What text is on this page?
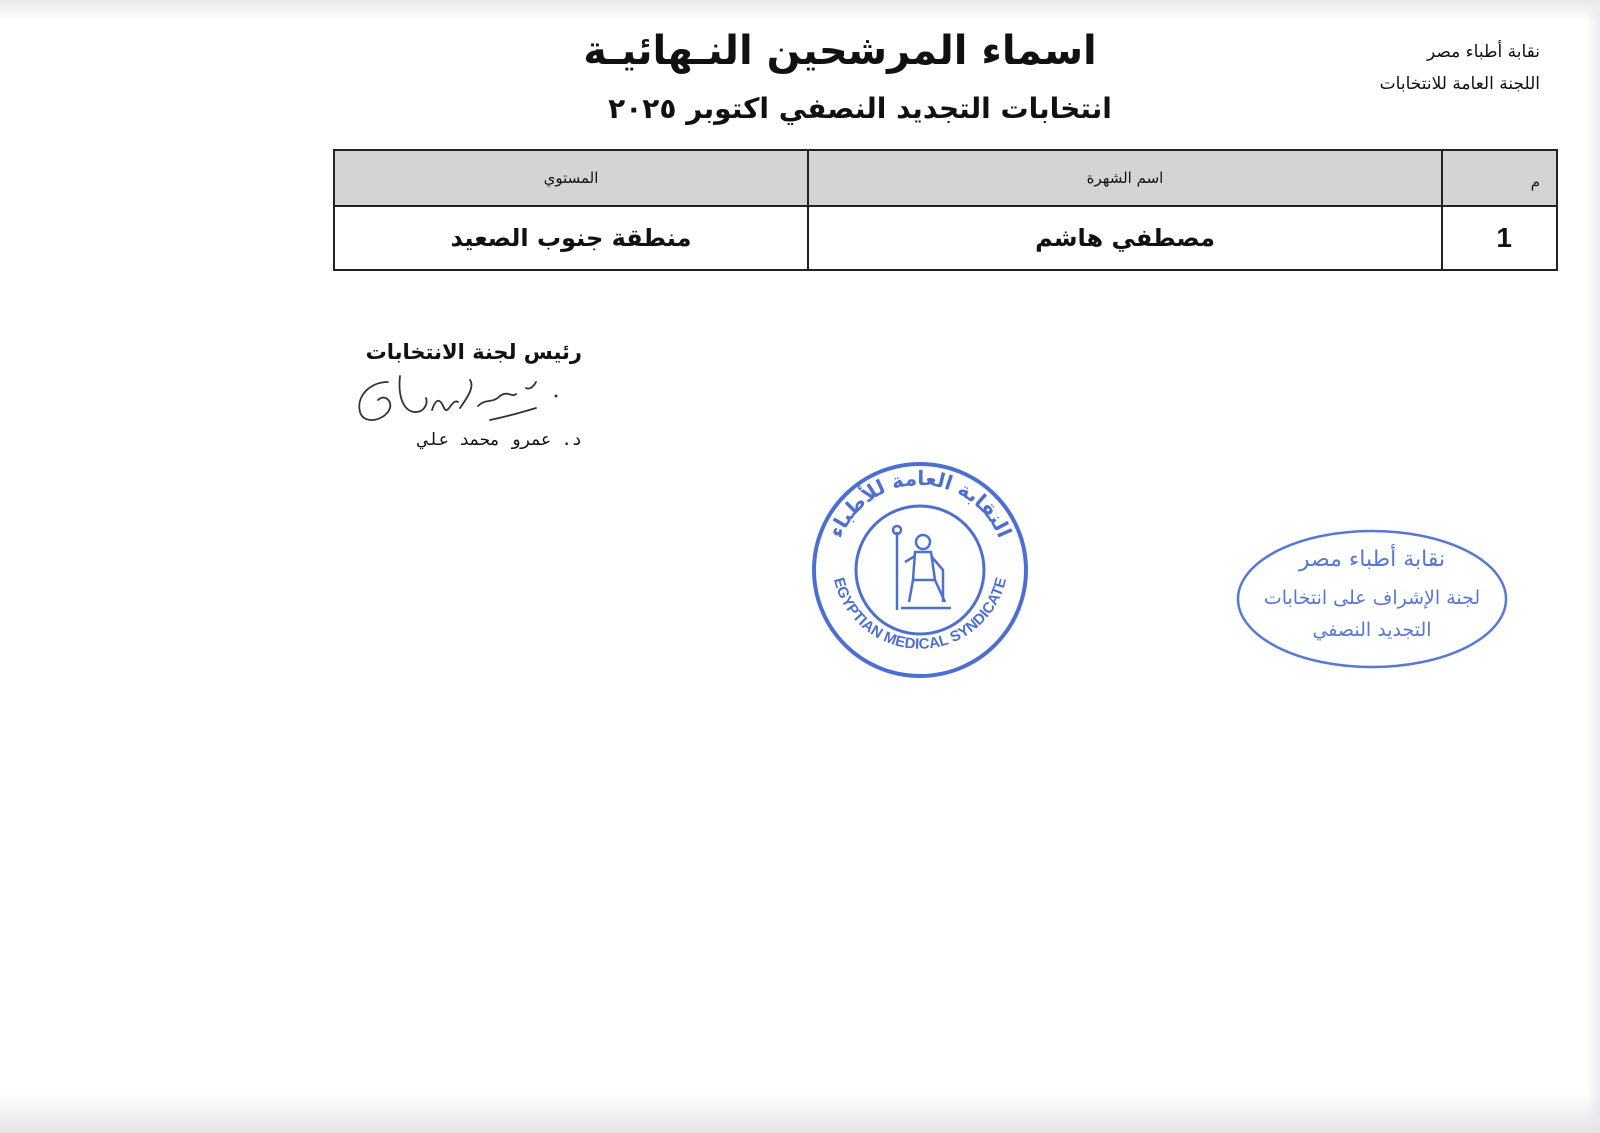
نقابة أطباء مصر
اللجنة العامة للانتخابات
اسماء المرشحين النـهائيـة
انتخابات التجديد النصفي اكتوبر ٢٠٢٥
م	اسم الشهرة	المستوي
1	مصطفي هاشم	منطقة جنوب الصعيد
رئيس لجنة الانتخابات
د. عمرو محمد علي
النقابة العامة للأطباء
EGYPTIAN MEDICAL SYNDICATE
نقابة أطباء مصر
لجنة الإشراف على انتخابات
التجديد النصفي
